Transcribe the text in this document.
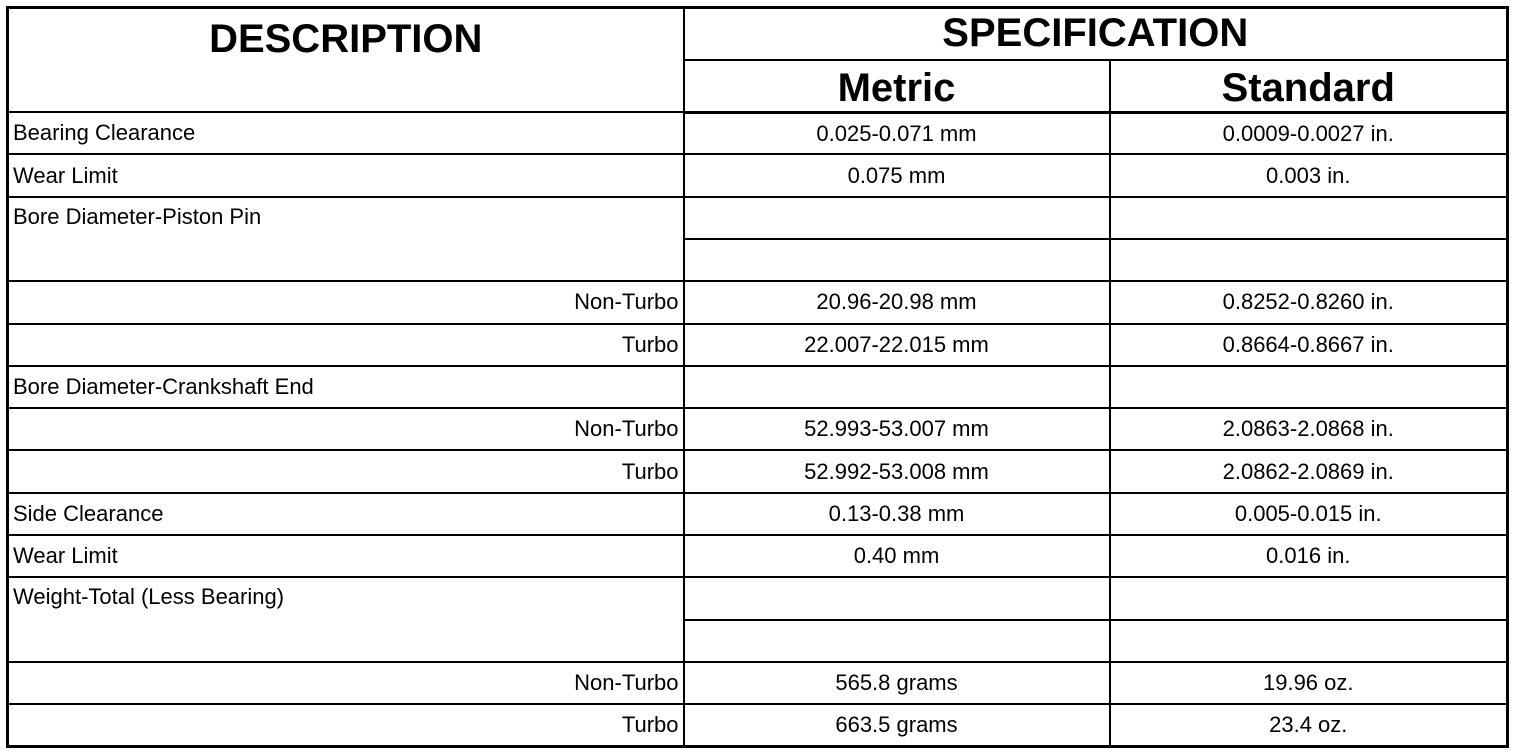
DESCRIPTION	SPECIFICATION	
	Metric	Standard
Bearing Clearance	0.025-0.071 mm	0.0009-0.0027 in.
Wear Limit	0.075 mm	0.003 in.
Bore Diameter-Piston Pin		

Non-Turbo	20.96-20.98 mm	0.8252-0.8260 in.
Turbo	22.007-22.015 mm	0.8664-0.8667 in.
Bore Diameter-Crankshaft End		
Non-Turbo	52.993-53.007 mm	2.0863-2.0868 in.
Turbo	52.992-53.008 mm	2.0862-2.0869 in.
Side Clearance	0.13-0.38 mm	0.005-0.015 in.
Wear Limit	0.40 mm	0.016 in.
Weight-Total (Less Bearing)		

Non-Turbo	565.8 grams	19.96 oz.
Turbo	663.5 grams	23.4 oz.
